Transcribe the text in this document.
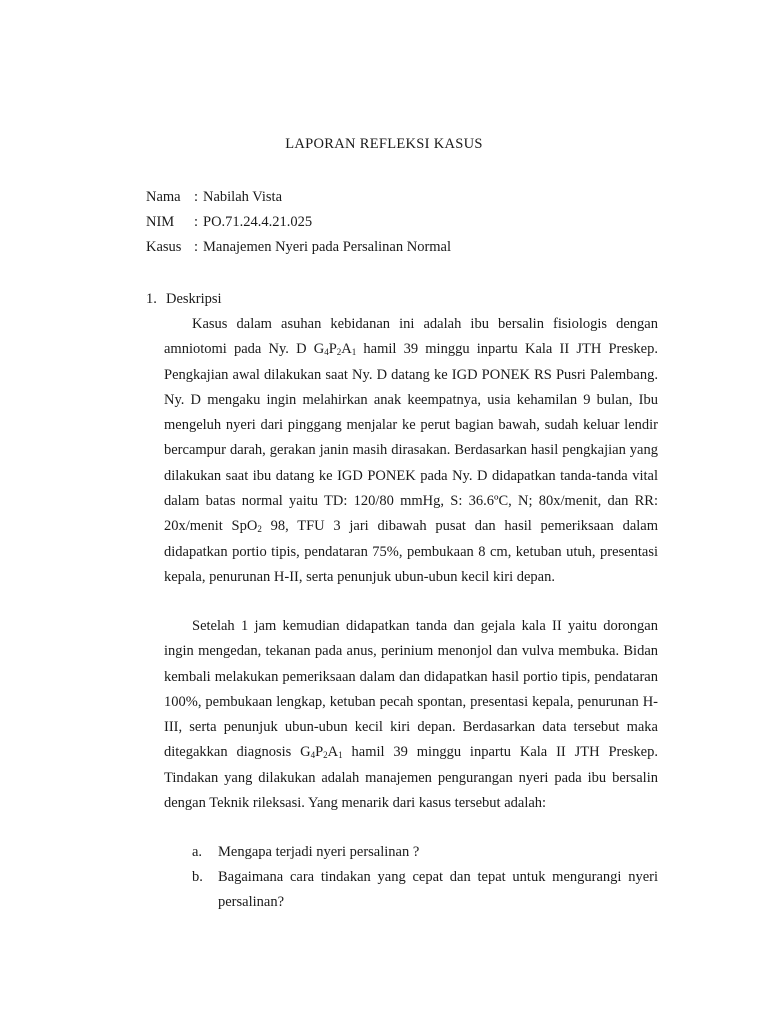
LAPORAN REFLEKSI KASUS
Nama : Nabilah Vista
NIM	: PO.71.24.4.21.025
Kasus : Manajemen Nyeri pada Persalinan Normal
1. Deskripsi

Kasus dalam asuhan kebidanan ini adalah ibu bersalin fisiologis dengan amniotomi pada Ny. D $G_4P_2A_1$ hamil 39 minggu inpartu Kala II JTH Preskep. Pengkajian awal dilakukan saat Ny. D datang ke IGD PONEK RS Pusri Palembang. Ny. D mengaku ingin melahirkan anak keempatnya, usia kehamilan 9 bulan, Ibu mengeluh nyeri dari pinggang menjalar ke perut bagian bawah, sudah keluar lendir bercampur darah, gerakan janin masih dirasakan. Berdasarkan hasil pengkajian yang dilakukan saat ibu datang ke IGD PONEK pada Ny. D didapatkan tanda-tanda vital dalam batas normal yaitu TD: 120/80 mmHg, S: 36.6ºC, N; 80x/menit, dan RR: 20x/menit SpO$_2$ 98, TFU 3 jari dibawah pusat dan hasil pemeriksaan dalam didapatkan portio tipis, pendataran 75%, pembukaan 8 cm, ketuban utuh, presentasi kepala, penurunan H-II, serta penunjuk ubun-ubun kecil kiri depan.

Setelah 1 jam kemudian didapatkan tanda dan gejala kala II yaitu dorongan ingin mengedan, tekanan pada anus, perinium menonjol dan vulva membuka. Bidan kembali melakukan pemeriksaan dalam dan didapatkan hasil portio tipis, pendataran 100%, pembukaan lengkap, ketuban pecah spontan, presentasi kepala, penurunan H-III, serta penunjuk ubun-ubun kecil kiri depan. Berdasarkan data tersebut maka ditegakkan diagnosis $G_4P_2A_1$ hamil 39 minggu inpartu Kala II JTH Preskep. Tindakan yang dilakukan adalah manajemen pengurangan nyeri pada ibu bersalin dengan Teknik rileksasi. Yang menarik dari kasus tersebut adalah:

a.	Mengapa terjadi nyeri persalinan ?
b.	Bagaimana cara tindakan yang cepat dan tepat untuk mengurangi nyeri persalinan?
